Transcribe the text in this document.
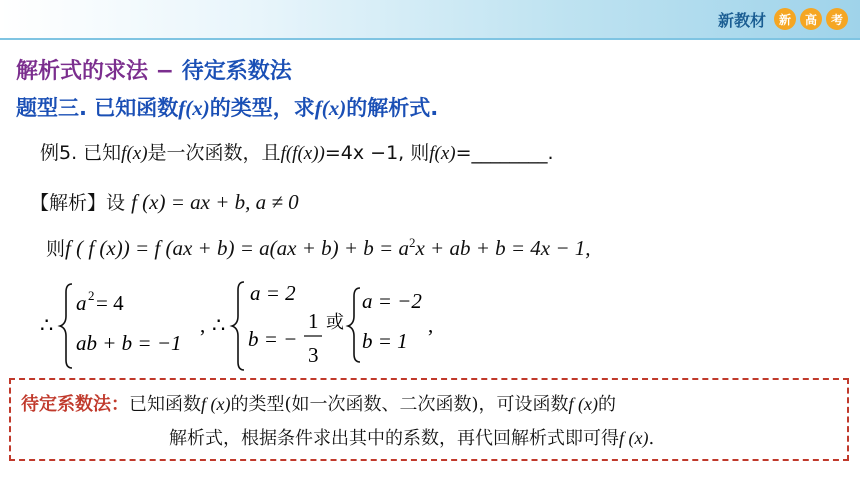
新教材	新	高	考
解析式的求法 − 待定系数法
题型三. 已知函数f(x)的类型，求f(x)的解析式.
例5. 已知f(x)是一次函数，且f(f(x))=4x −1, 则f(x)=________.
【解析】设 f (x) = ax + b, a ≠ 0
则f ( f (x)) = f $(ax + b) = a(ax + b) + b = a^2x$ + ab + b = 4x − 1,
∴
a 2 = 4
ab + b = −1
, ∴
a = 2
b = −
1
3
或
a = −2
b = 1
,
待定系数法：已知函数f (x)的类型(如一次函数、二次函数)，可设函数f (x)的
解析式，根据条件求出其中的系数，再代回解析式即可得f (x).
